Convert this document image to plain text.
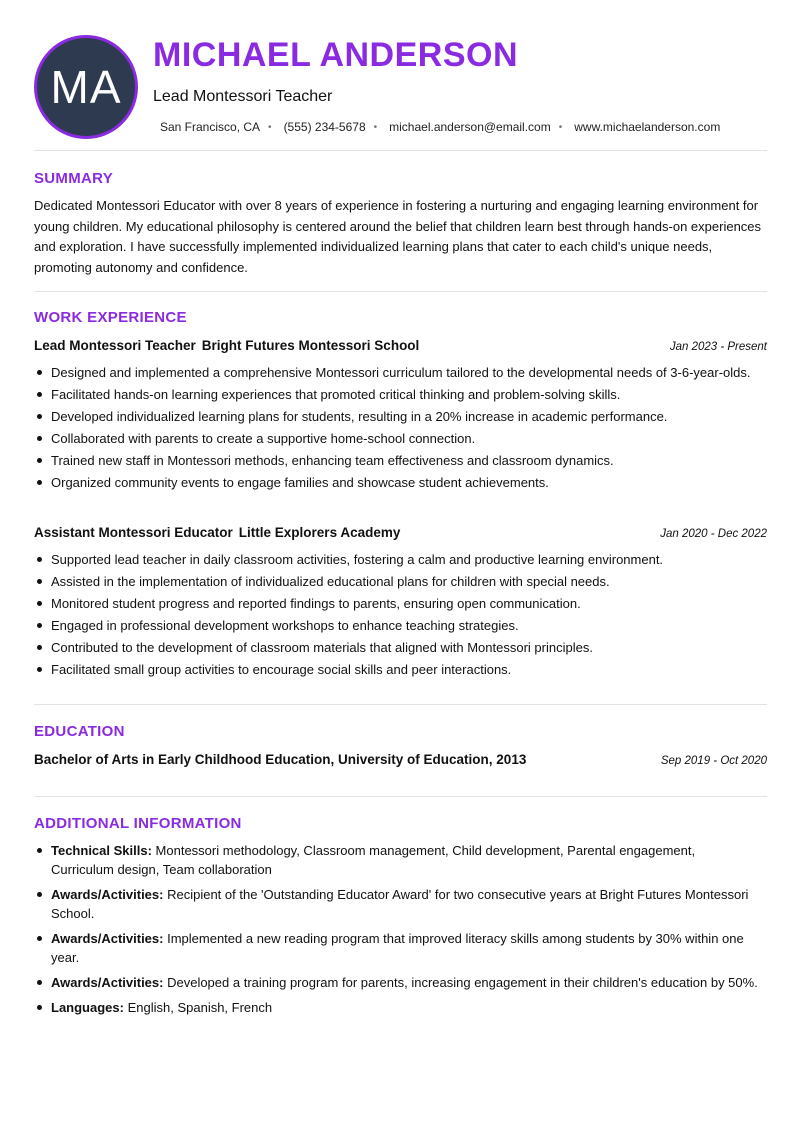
MA
MICHAEL ANDERSON
Lead Montessori Teacher
San Francisco, CA • (555) 234-5678 • michael.anderson@email.com • www.michaelanderson.com
SUMMARY

Dedicated Montessori Educator with over 8 years of experience in fostering a nurturing and engaging learning environment for young children. My educational philosophy is centered around the belief that children learn best through hands-on experiences and exploration. I have successfully implemented individualized learning plans that cater to each child's unique needs, promoting autonomy and confidence.

WORK EXPERIENCE
Lead Montessori Teacher Bright Futures Montessori School	Jan 2023 - Present
Designed and implemented a comprehensive Montessori curriculum tailored to the developmental needs of 3-6-year-olds.
Facilitated hands-on learning experiences that promoted critical thinking and problem-solving skills.
Developed individualized learning plans for students, resulting in a 20% increase in academic performance.
Collaborated with parents to create a supportive home-school connection.
Trained new staff in Montessori methods, enhancing team effectiveness and classroom dynamics.
Organized community events to engage families and showcase student achievements.
Assistant Montessori Educator Little Explorers Academy	Jan 2020 - Dec 2022
Supported lead teacher in daily classroom activities, fostering a calm and productive learning environment.
Assisted in the implementation of individualized educational plans for children with special needs.
Monitored student progress and reported findings to parents, ensuring open communication.
Engaged in professional development workshops to enhance teaching strategies.
Contributed to the development of classroom materials that aligned with Montessori principles.
Facilitated small group activities to encourage social skills and peer interactions.
EDUCATION
Bachelor of Arts in Early Childhood Education, University of Education, 2013	Sep 2019 - Oct 2020
ADDITIONAL INFORMATION
Technical Skills: Montessori methodology, Classroom management, Child development, Parental engagement, Curriculum design, Team collaboration
Awards/Activities: Recipient of the 'Outstanding Educator Award' for two consecutive years at Bright Futures Montessori School.
Awards/Activities: Implemented a new reading program that improved literacy skills among students by 30% within one year.
Awards/Activities: Developed a training program for parents, increasing engagement in their children's education by 50%.
Languages: English, Spanish, French
